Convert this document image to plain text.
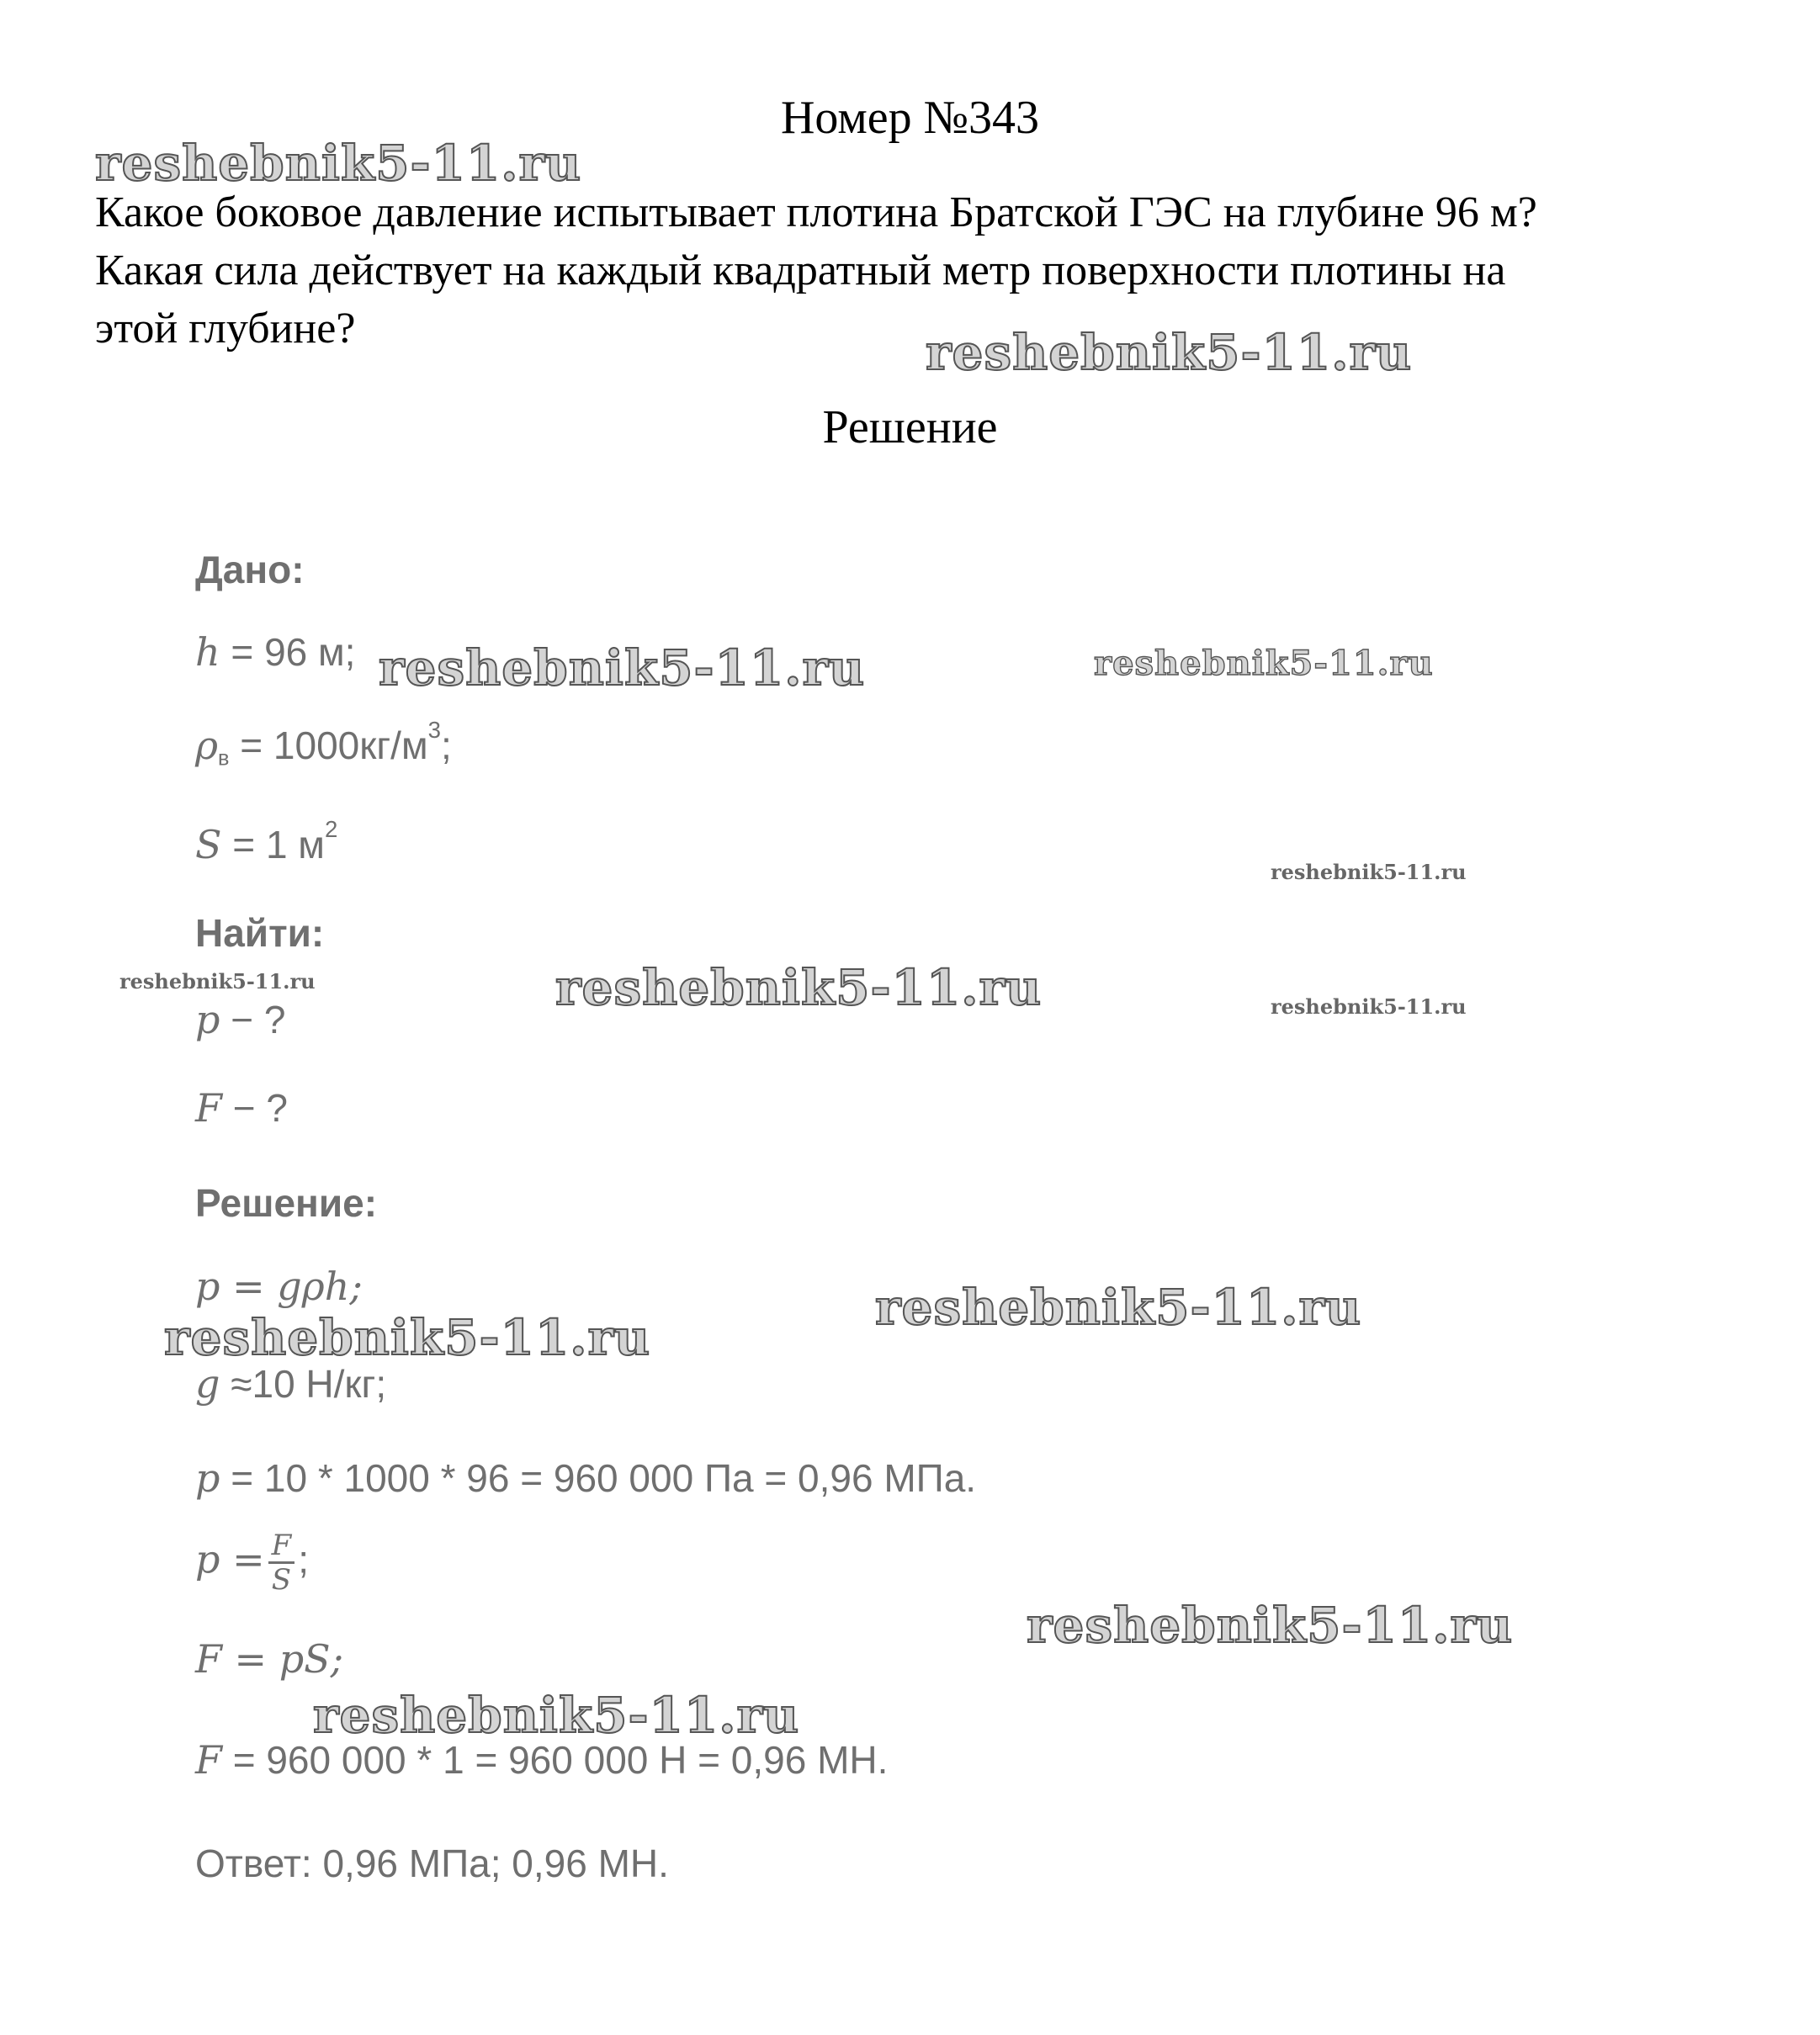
Номер №343
Какое боковое давление испытывает плотина Братской ГЭС на глубине 96 м? Какая сила действует на каждый квадратный метр поверхности плотины на этой глубине?
Решение
Дано:
h = 96 м;
$\rho_в = 1000кг/м^3$;
S = 1 $м^2$
Найти:
p − ?
F − ?
Решение:
p = gρh;
g ≈10 Н/кг;
p = 10 * 1000 * 96 = 960 000 Па = 0,96 МПа.
$p = \frac{F}{S}$ ;
F = pS;
F = 960 000 * 1 = 960 000 Н = 0,96 МН.
Ответ: 0,96 МПа; 0,96 МН.
reshebnik5-11.ru
reshebnik5-11.ru
reshebnik5-11.ru	reshebnik5-11.ru
reshebnik5-11.ru
reshebnik5-11.ru	reshebnik5-11.ru	reshebnik5-11.ru
reshebnik5-11.ru
reshebnik5-11.ru
reshebnik5-11.ru
reshebnik5-11.ru
